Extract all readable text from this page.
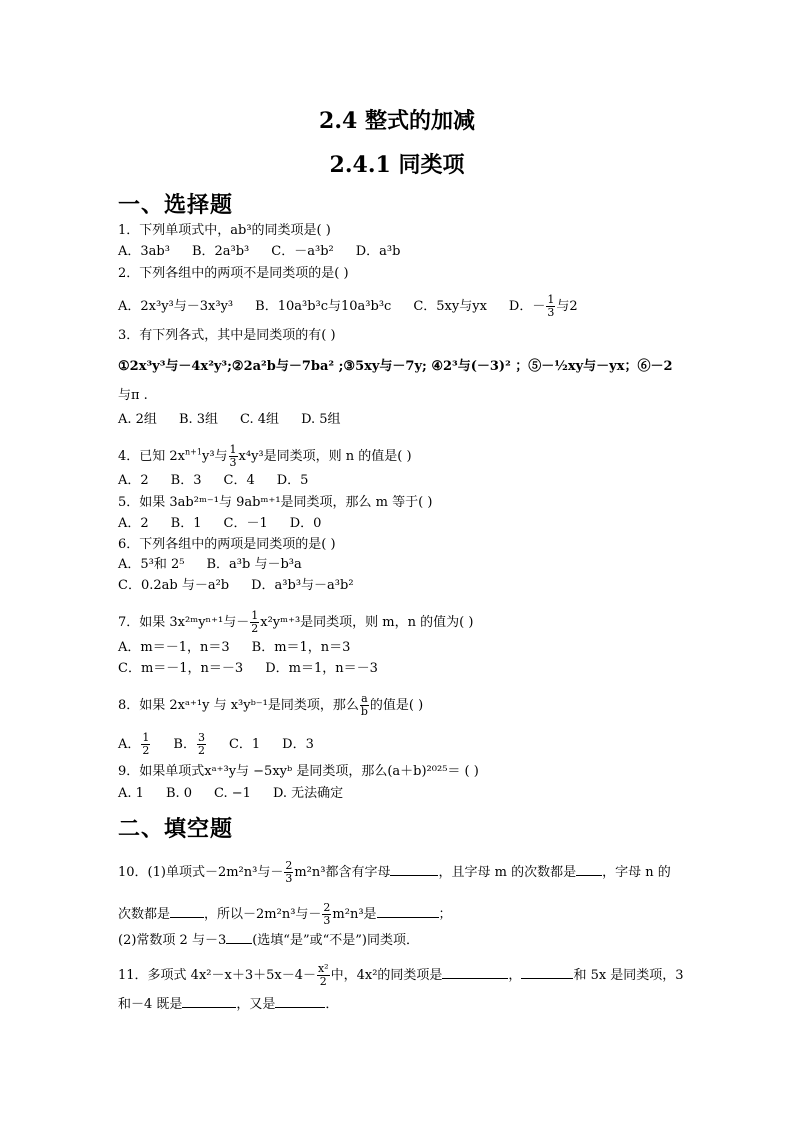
2.4 整式的加减
2.4.1 同类项
一、选择题
1．下列单项式中，ab³的同类项是( )
A．3ab³ B．2a³b³ C．－a³b² D．a³b
2．下列各组中的两项不是同类项的是( )
A．2x³y³与－3x³y³ B．10a³b³c与10a³b³c C．5xy与yx D．－ $\frac{1}{3}$ 与2
3．有下列各式，其中是同类项的有( )
①2x³y³与－4x²y³;②2a²b与－7ba² ;③5xy与－7y; ④2³与(－3)² ；⑤－½xy与－yx；⑥－2
与π .
A. 2组 B. 3组 C. 4组 D. 5组
4．已知 $2x^{n+1}y^3$与 $\frac{1}{3} x^4y^3$是同类项，则 n 的值是( )
A．2 B．3 C．4 D．5
5．如果 3ab²ᵐ⁻¹与 9abᵐ⁺¹是同类项，那么 m 等于( )
A．2 B．1 C．－1 D．0
6．下列各组中的两项是同类项的是( )
A．5³和 2⁵ B．a³b 与－b³a
C．0.2ab 与－a²b D．a³b³与－a³b²
7．如果 3x²ᵐyⁿ⁺¹与－ $\frac{1}{2}$ x²yᵐ⁺³是同类项，则 m，n 的值为( )
A．m＝－1，n＝3 B．m＝1，n＝3
C．m＝－1，n＝－3 D．m＝1，n＝－3
8．如果 2xᵃ⁺¹y 与 x³yᵇ⁻¹是同类项，那么 $\frac{a}{b}$ 的值是( )
A． $\frac{1}{2}$ B． $\frac{3}{2}$ C．1 D．3
9．如果单项式xᵃ⁺³y与 −5xyᵇ 是同类项，那么(a＋b)²⁰²⁵＝ ( )
A. 1 B. 0 C. −1 D. 无法确定
二、填空题
10．(1)单项式－2m²n³与－ $\frac{2}{3} m^2n^3$都含有字母	，且字母 m 的次数都是 ，字母 n 的
次数都是	，所以－2m²n³与－ $\frac{2}{3} m^2n^3$是	；
(2)常数项 2 与－3 (选填“是”或“不是”)同类项．
11．多项式 $4x^2-x+3+5x-4- \frac{\text{x²}}{2}$ 中，4x²的同类项是	，	和 5x 是同类项，3
和－4 既是	，又是	．
